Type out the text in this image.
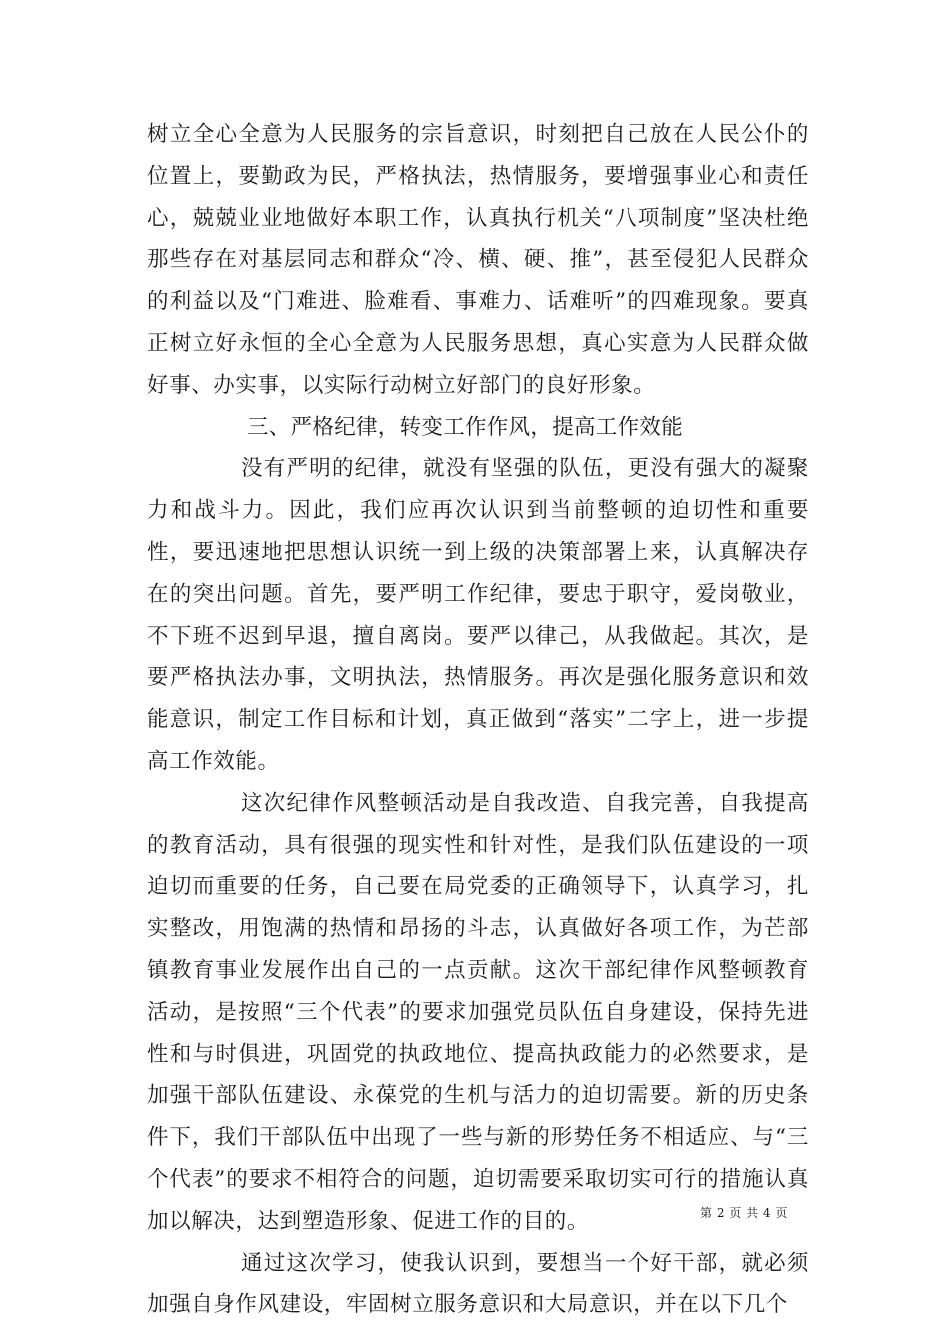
树立全心全意为人民服务的宗旨意识，时刻把自己放在人民公仆的位置上，要勤政为民，严格执法，热情服务，要增强事业心和责任心，兢兢业业地做好本职工作，认真执行机关“八项制度”坚决杜绝那些存在对基层同志和群众“冷、横、硬、推”，甚至侵犯人民群众的利益以及“门难进、脸难看、事难力、话难听”的四难现象。要真正树立好永恒的全心全意为人民服务思想，真心实意为人民群众做好事、办实事，以实际行动树立好部门的良好形象。

三、严格纪律，转变工作作风，提高工作效能

没有严明的纪律，就没有坚强的队伍，更没有强大的凝聚力和战斗力。因此，我们应再次认识到当前整顿的迫切性和重要性，要迅速地把思想认识统一到上级的决策部署上来，认真解决存在的突出问题。首先，要严明工作纪律，要忠于职守，爱岗敬业，不下班不迟到早退，擅自离岗。要严以律己，从我做起。其次，是要严格执法办事，文明执法，热情服务。再次是强化服务意识和效能意识，制定工作目标和计划，真正做到“落实”二字上，进一步提高工作效能。

这次纪律作风整顿活动是自我改造、自我完善，自我提高的教育活动，具有很强的现实性和针对性，是我们队伍建设的一项迫切而重要的任务，自己要在局党委的正确领导下，认真学习，扎实整改，用饱满的热情和昂扬的斗志，认真做好各项工作，为芒部镇教育事业发展作出自己的一点贡献。这次干部纪律作风整顿教育活动，是按照“三个代表”的要求加强党员队伍自身建设，保持先进性和与时俱进，巩固党的执政地位、提高执政能力的必然要求，是加强干部队伍建设、永葆党的生机与活力的迫切需要。新的历史条件下，我们干部队伍中出现了一些与新的形势任务不相适应、与“三个代表”的要求不相符合的问题，迫切需要采取切实可行的措施认真加以解决，达到塑造形象、促进工作的目的。

通过这次学习，使我认识到，要想当一个好干部，就必须加强自身作风建设，牢固树立服务意识和大局意识，并在以下几个

第 2 页 共 4 页
